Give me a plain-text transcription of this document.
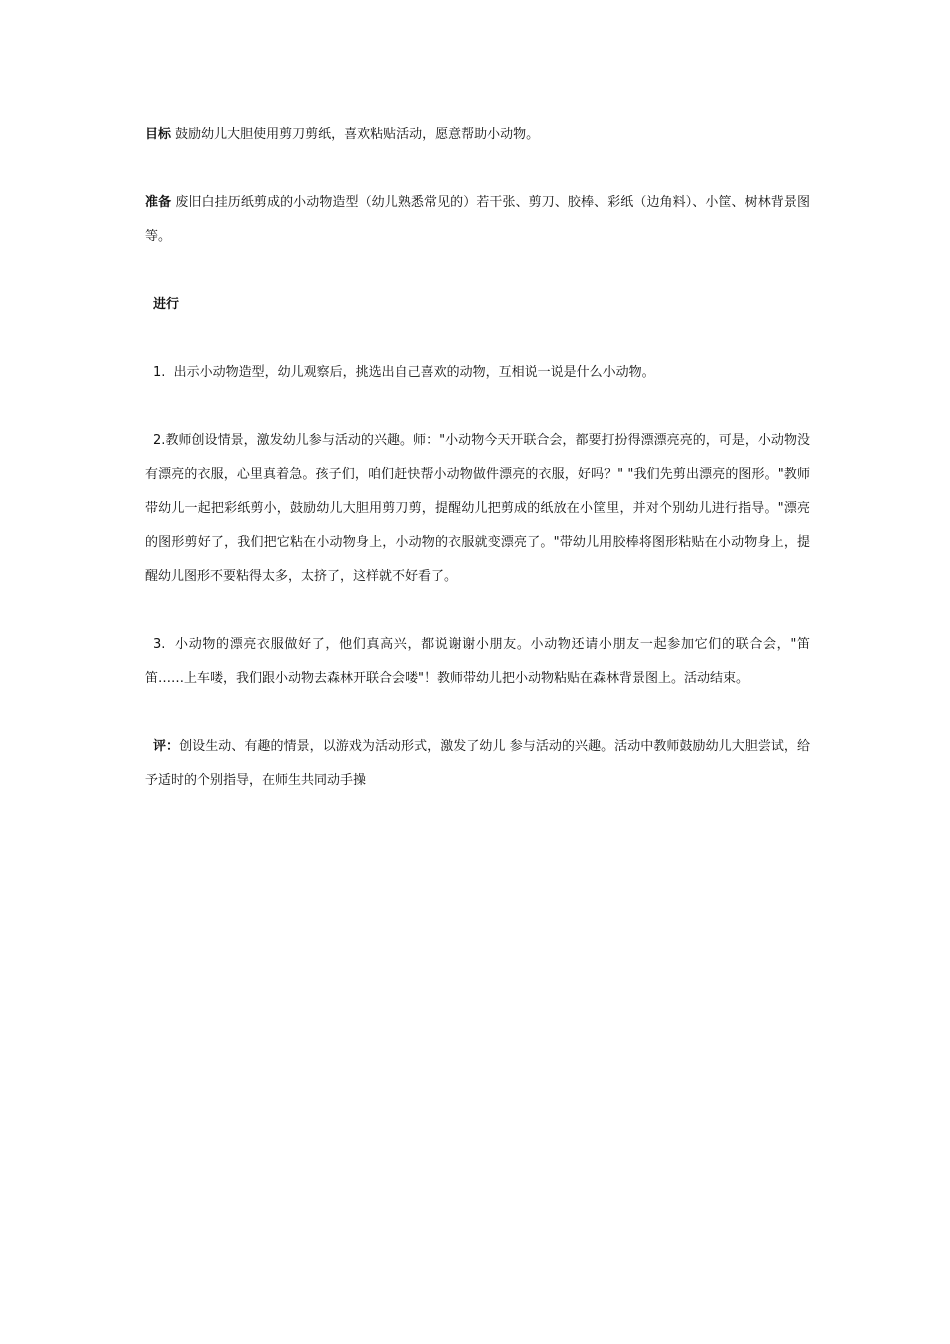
目标 鼓励幼儿大胆使用剪刀剪纸，喜欢粘贴活动，愿意帮助小动物。

准备 废旧白挂历纸剪成的小动物造型（幼儿熟悉常见的）若干张、剪刀、胶棒、彩纸（边角料）、小筐、树林背景图等。

进行

1.  出示小动物造型，幼儿观察后，挑选出自己喜欢的动物，互相说一说是什么小动物。

2.教师创设情景，激发幼儿参与活动的兴趣。师："小动物今天开联合会，都要打扮得漂漂亮亮的，可是，小动物没有漂亮的衣服，心里真着急。孩子们，咱们赶快帮小动物做件漂亮的衣服，好吗？" "我们先剪出漂亮的图形。"教师带幼儿一起把彩纸剪小，鼓励幼儿大胆用剪刀剪，提醒幼儿把剪成的纸放在小筐里，并对个别幼儿进行指导。"漂亮的图形剪好了，我们把它粘在小动物身上，小动物的衣服就变漂亮了。"带幼儿用胶棒将图形粘贴在小动物身上，提醒幼儿图形不要粘得太多，太挤了，这样就不好看了。

3.  小动物的漂亮衣服做好了，他们真高兴，都说谢谢小朋友。小动物还请小朋友一起参加它们的联合会，"笛笛……上车喽，我们跟小动物去森林开联合会喽"！教师带幼儿把小动物粘贴在森林背景图上。活动结束。

评：创设生动、有趣的情景，以游戏为活动形式，激发了幼儿 参与活动的兴趣。活动中教师鼓励幼儿大胆尝试，给予适时的个别指导，在师生共同动手操
